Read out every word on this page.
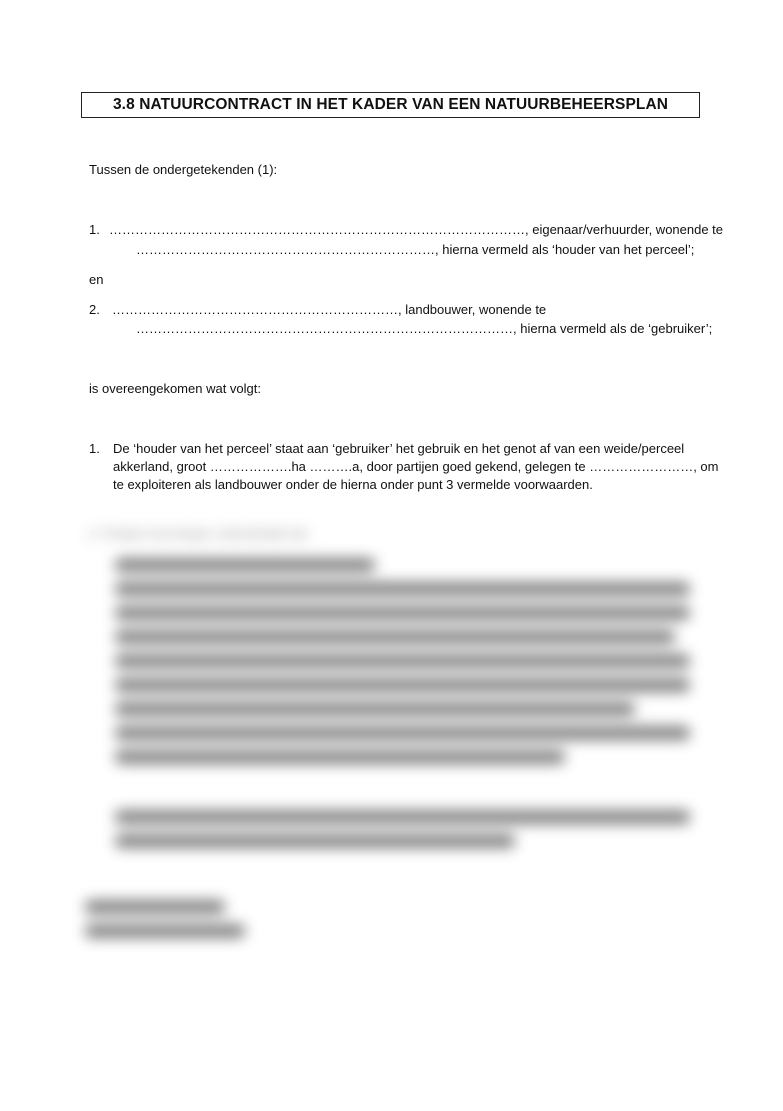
3.8 NATUURCONTRACT IN HET KADER VAN EEN NATUURBEHEERSPLAN
Tussen de ondergetekenden (1):
1. ……………………………………………………………………………………, eigenaar/verhuurder, wonende te
……………………………………………………………, hierna vermeld als ‘houder van het perceel’;
en
2. …………………………………………………………, landbouwer, wonende te
……………………………………………………………………………, hierna vermeld als de ‘gebruiker’;
is overeengekomen wat volgt:
1. De ‘houder van het perceel’ staat aan ‘gebruiker’ het gebruik en het genot af van een weide/perceel
akkerland, groot ……………….ha ……….a, door partijen goed gekend, gelegen te ……………………, om
te exploiteren als landbouwer onder de hierna onder punt 3 vermelde voorwaarden.
2. Partijen bevestigen uitdrukkelijk dat:
